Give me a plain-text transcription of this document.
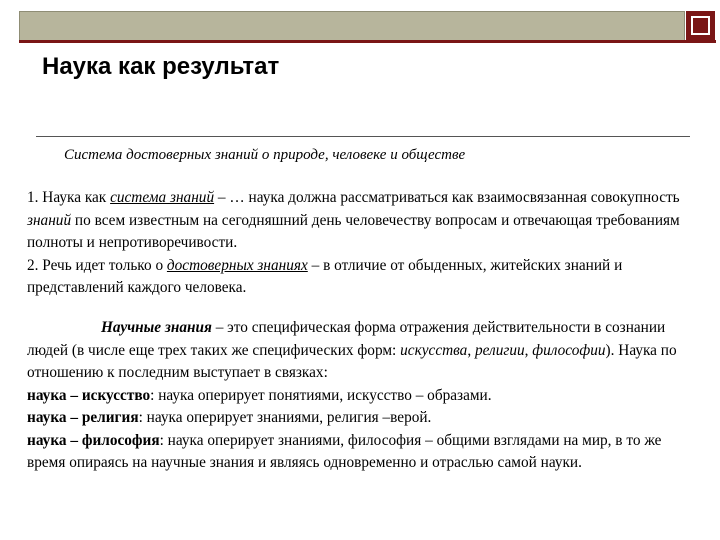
Наука как результат
Система достоверных знаний о природе, человеке и обществе

1. Наука как система знаний – … наука должна рассматриваться как взаимосвязанная совокупность знаний по всем известным на сегодняшний день человечеству вопросам и отвечающая требованиям полноты и непротиворечивости.

2. Речь идет только о достоверных знаниях – в отличие от обыденных, житейских знаний и представлений каждого человека.

Научные знания – это специфическая форма отражения действительности в сознании людей (в числе еще трех таких же специфических форм: искусства, религии, философии). Наука по отношению к последним выступает в связках:

наука – искусство: наука оперирует понятиями, искусство – образами.

наука – религия: наука оперирует знаниями, религия –верой.

наука – философия: наука оперирует знаниями, философия – общими взглядами на мир, в то же время опираясь на научные знания и являясь одновременно и отраслью самой науки.
